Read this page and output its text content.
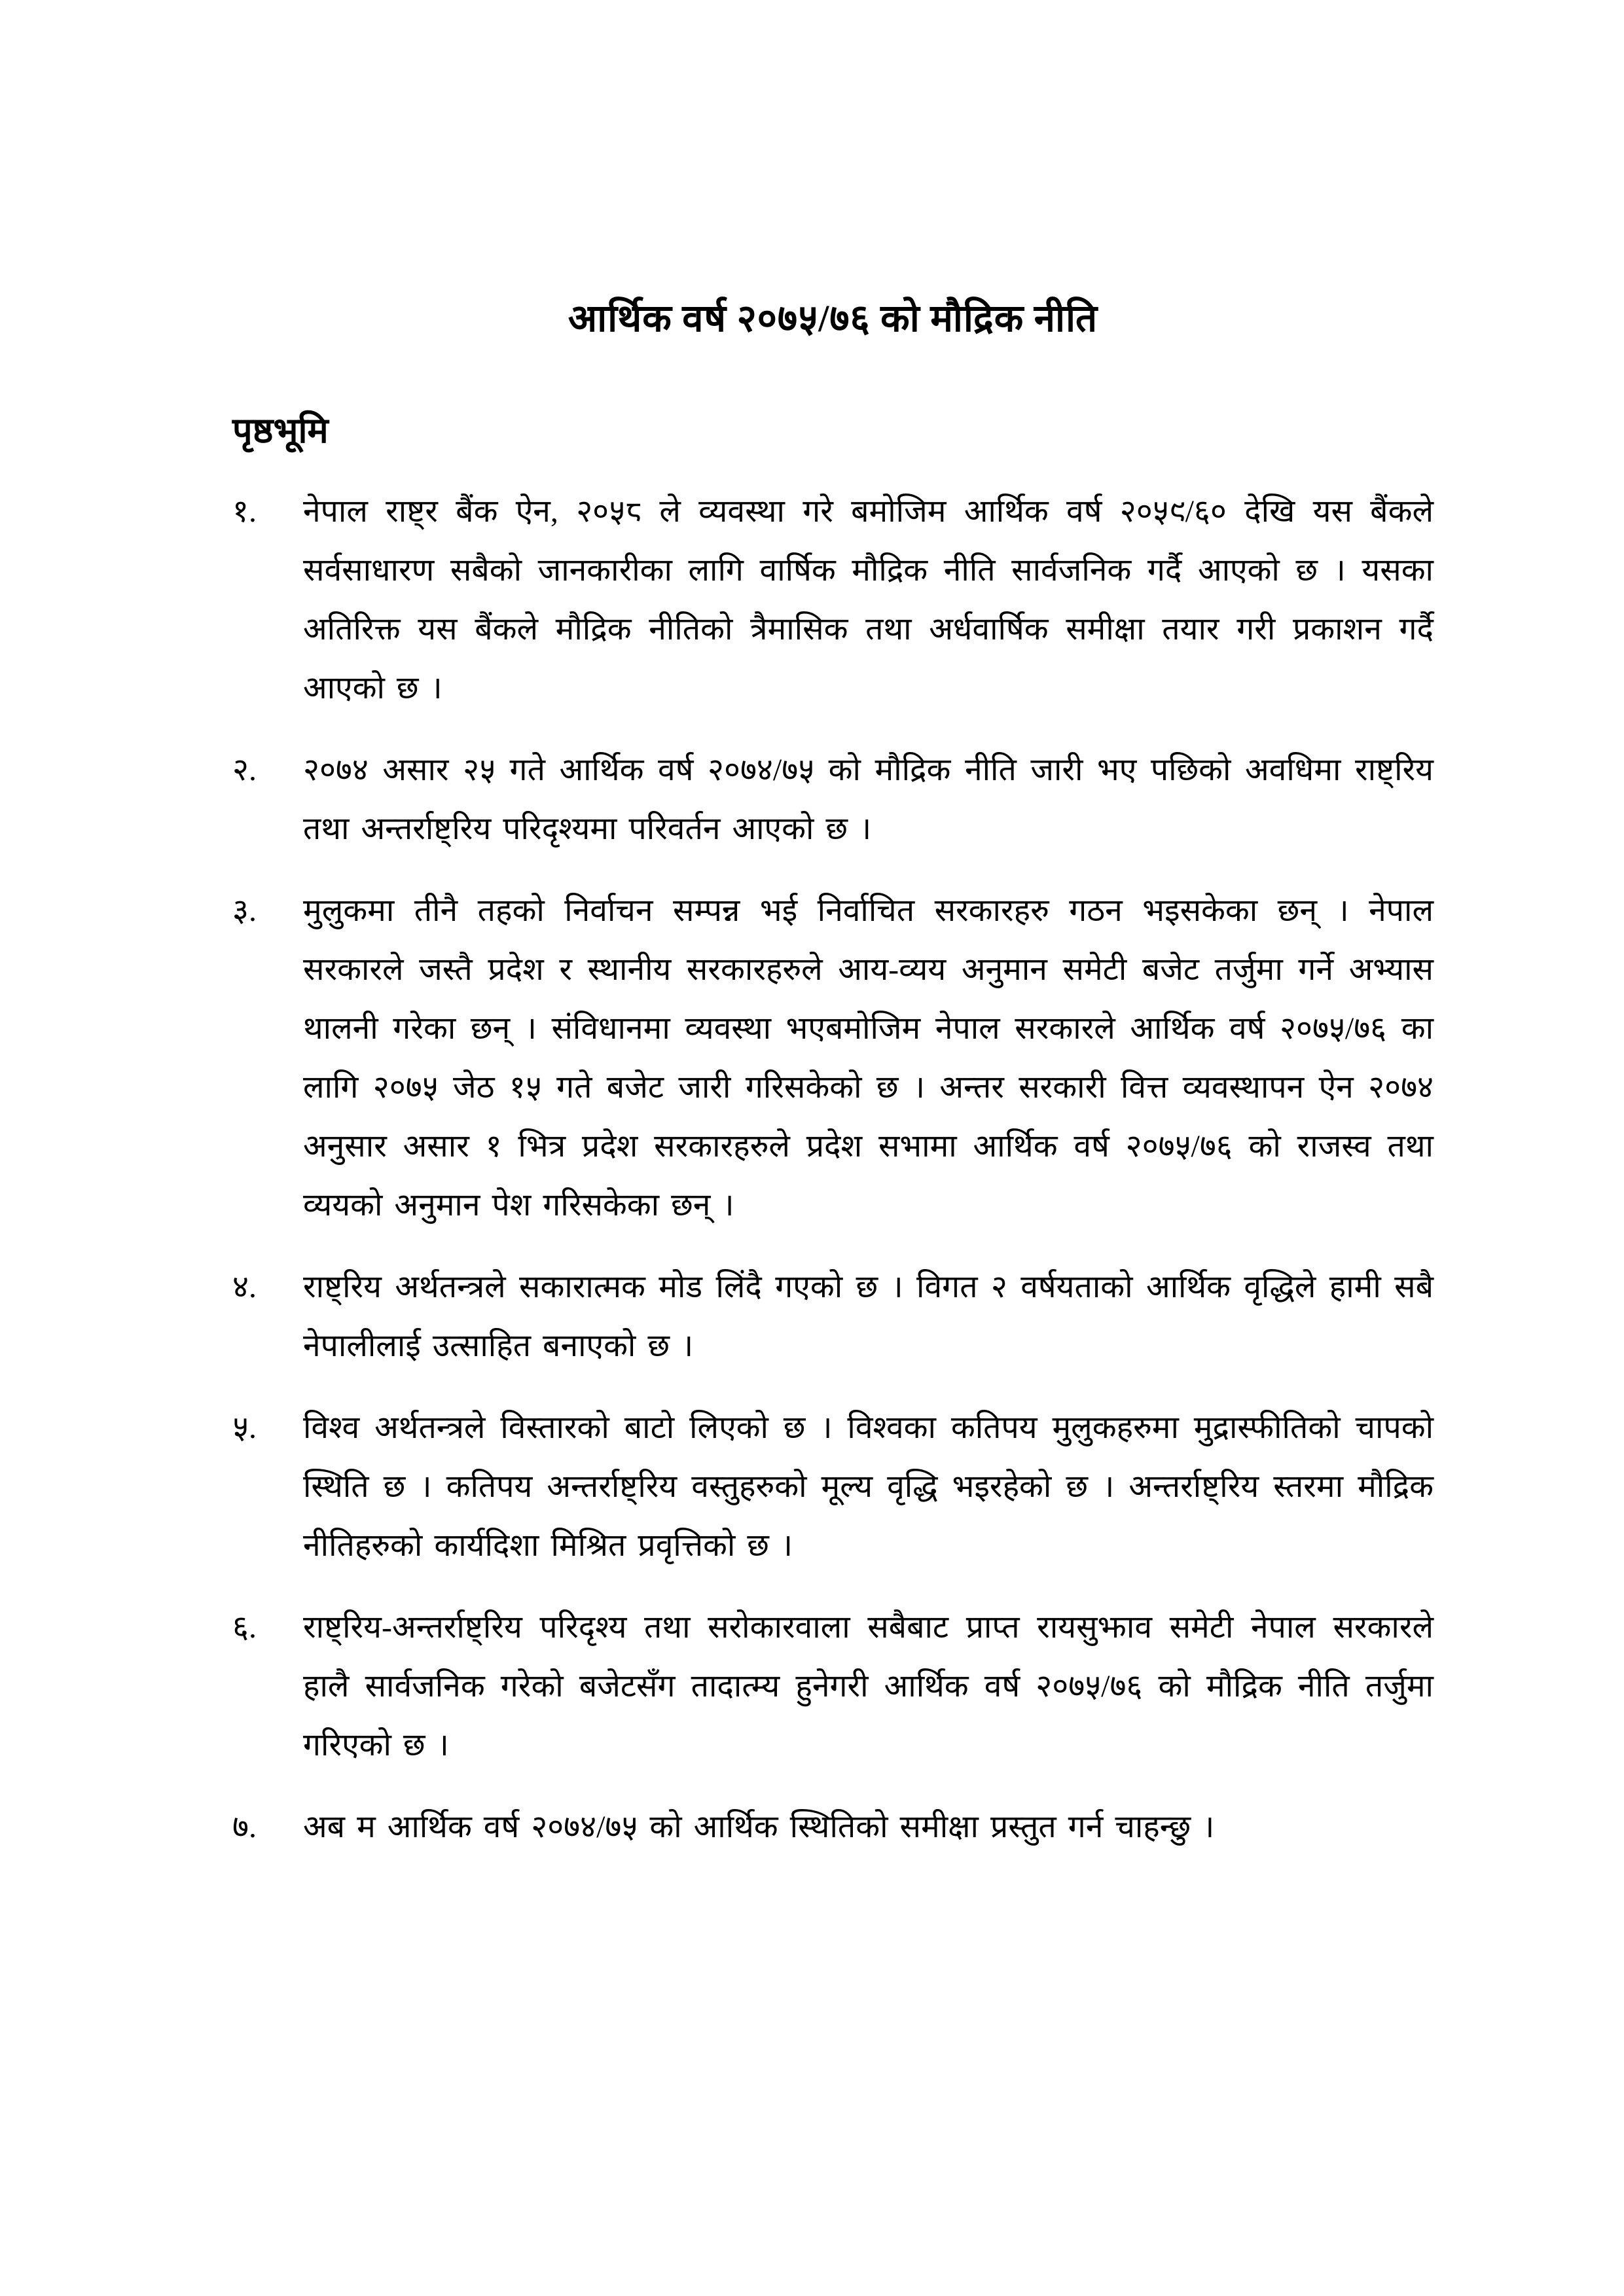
आर्थिक वर्ष २०७५/७६ को मौद्रिक नीति
पृष्ठभूमि
१.	नेपाल राष्ट्र बैंक ऐन, २०५८ ले व्यवस्था गरे बमोजिम आर्थिक वर्ष २०५९/६० देखि यस बैंकले सर्वसाधारण सबैको जानकारीका लागि वार्षिक मौद्रिक नीति सार्वजनिक गर्दै आएको छ । यसका अतिरिक्त यस बैंकले मौद्रिक नीतिको त्रैमासिक तथा अर्धवार्षिक समीक्षा तयार गरी प्रकाशन गर्दै आएको छ ।

२.	२०७४ असार २५ गते आर्थिक वर्ष २०७४/७५ को मौद्रिक नीति जारी भए पछिको अवधिमा राष्ट्रिय तथा अन्तर्राष्ट्रिय परिदृश्यमा परिवर्तन आएको छ ।

३.	मुलुकमा तीनै तहको निर्वाचन सम्पन्न भई निर्वाचित सरकारहरु गठन भइसकेका छन् । नेपाल सरकारले जस्तै प्रदेश र स्थानीय सरकारहरुले आय-व्यय अनुमान समेटी बजेट तर्जुमा गर्ने अभ्यास थालनी गरेका छन् । संविधानमा व्यवस्था भएबमोजिम नेपाल सरकारले आर्थिक वर्ष २०७५/७६ का लागि २०७५ जेठ १५ गते बजेट जारी गरिसकेको छ । अन्तर सरकारी वित्त व्यवस्थापन ऐन २०७४ अनुसार असार १ भित्र प्रदेश सरकारहरुले प्रदेश सभामा आर्थिक वर्ष २०७५/७६ को राजस्व तथा व्ययको अनुमान पेश गरिसकेका छन् ।

४.	राष्ट्रिय अर्थतन्त्रले सकारात्मक मोड लिंदै गएको छ । विगत २ वर्षयताको आर्थिक वृद्धिले हामी सबै नेपालीलाई उत्साहित बनाएको छ ।

५.	विश्व अर्थतन्त्रले विस्तारको बाटो लिएको छ । विश्वका कतिपय मुलुकहरुमा मुद्रास्फीतिको चापको स्थिति छ । कतिपय अन्तर्राष्ट्रिय वस्तुहरुको मूल्य वृद्धि भइरहेको छ । अन्तर्राष्ट्रिय स्तरमा मौद्रिक नीतिहरुको कार्यदिशा मिश्रित प्रवृत्तिको छ ।

६.	राष्ट्रिय-अन्तर्राष्ट्रिय परिदृश्य तथा सरोकारवाला सबैबाट प्राप्त रायसुझाव समेटी नेपाल सरकारले हालै सार्वजनिक गरेको बजेटसँग तादात्म्य हुनेगरी आर्थिक वर्ष २०७५/७६ को मौद्रिक नीति तर्जुमा गरिएको छ ।

७.	अब म आर्थिक वर्ष २०७४/७५ को आर्थिक स्थितिको समीक्षा प्रस्तुत गर्न चाहन्छु ।
